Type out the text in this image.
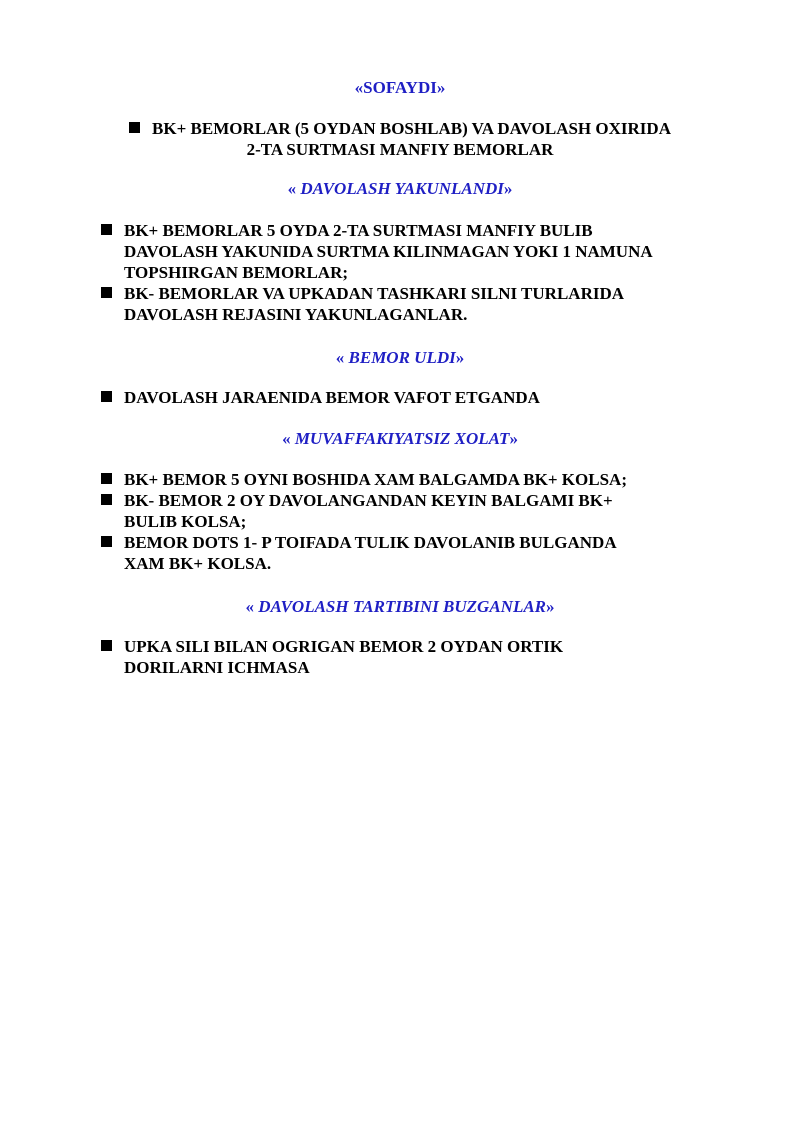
«SOFAYDI»

BK+ BEMORLAR (5 OYDAN BOSHLAB) VA DAVOLASH OXIRIDA
2-TA SURTMASI MANFIY BEMORLAR

« DAVOLASH YAKUNLANDI»

BK+ BEMORLAR 5 OYDA 2-TA SURTMASI MANFIY BULIB
DAVOLASH YAKUNIDA SURTMA KILINMAGAN YOKI 1 NAMUNA
TOPSHIRGAN BEMORLAR;
BK- BEMORLAR VA UPKADAN TASHKARI SILNI TURLARIDA
DAVOLASH REJASINI YAKUNLAGANLAR.

« BEMOR ULDI»

DAVOLASH JARAENIDA BEMOR VAFOT ETGANDA

« MUVAFFAKIYATSIZ XOLAT»

BK+ BEMOR 5 OYNI BOSHIDA XAM BALGAMDA BK+ KOLSA;
BK- BEMOR 2 OY DAVOLANGANDAN KEYIN BALGAMI BK+
BULIB KOLSA;
BEMOR DOTS 1- P TOIFADA TULIK DAVOLANIB BULGANDA
XAM BK+ KOLSA.

« DAVOLASH TARTIBINI BUZGANLAR»

UPKA SILI BILAN OGRIGAN BEMOR 2 OYDAN ORTIK
DORILARNI ICHMASA
